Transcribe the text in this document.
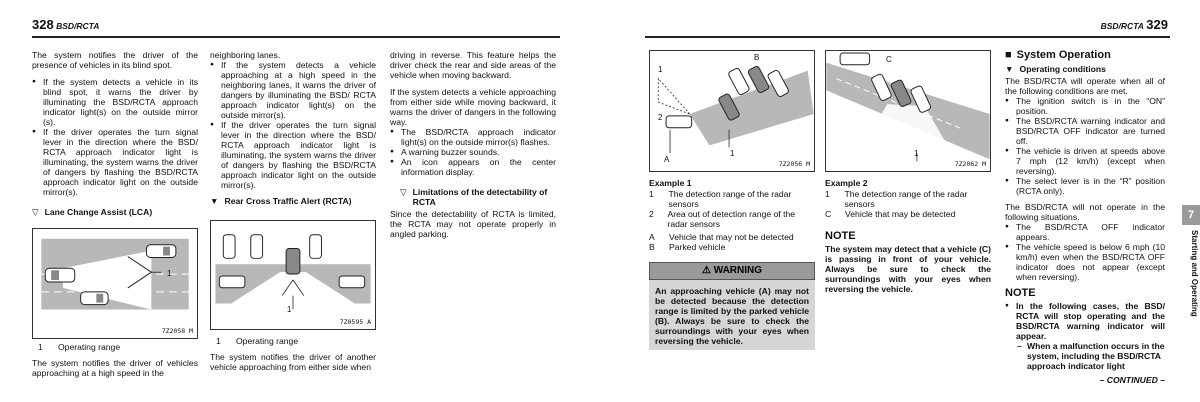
328 BSD/RCTA

The system notifies the driver of the presence of vehicles in its blind spot.

● If the system detects a vehicle in its blind spot, it warns the driver by illuminating the BSD/RCTA approach indicator light(s) on the outside mirror (s).
● If the driver operates the turn signal lever in the direction where the BSD/ RCTA approach indicator light is illuminating, the system warns the driver of dangers by flashing the BSD/RCTA approach indicator light on the outside mirror(s).
▽ Lane Change Assist (LCA)
1
7Z2058 M
1	Operating range

The system notifies the driver of vehicles approaching at a high speed in the

neighboring lanes.

● If the system detects a vehicle approaching at a high speed in the neighboring lanes, it warns the driver of dangers by illuminating the BSD/ RCTA approach indicator light(s) on the outside mirror(s).
● If the driver operates the turn signal lever in the direction where the BSD/ RCTA approach indicator light is illuminating, the system warns the driver of dangers by flashing the BSD/RCTA approach indicator light on the outside mirror(s).
▼ Rear Cross Traffic Alert (RCTA)
1
7Z0595 A
1	Operating range

The system notifies the driver of another vehicle approaching from either side when

driving in reverse. This feature helps the driver check the rear and side areas of the vehicle when moving backward.

If the system detects a vehicle approaching from either side while moving backward, it warns the driver of dangers in the following way.

● The BSD/RCTA approach indicator light(s) on the outside mirror(s) flashes.
● A warning buzzer sounds.
● An icon appears on the center information display.
▽ Limitations of the detectability of RCTA

Since the detectability of RCTA is limited, the RCTA may not operate properly in angled parking.

BSD/RCTA 329
B
1
2
A
1
7Z2056 M
Example 1
1	The detection range of the radar sensors
2 Area out of detection range of the radar sensors
A Vehicle that may not be detected
B Parked vehicle
⚠ WARNING
An approaching vehicle (A) may not be detected because the detection range is limited by the parked vehicle (B). Always be sure to check the surroundings with your eyes when reversing the vehicle.
C
1
7Z2062 M
Example 2
1	The detection range of the radar sensors
C Vehicle that may be detected
NOTE

The system may detect that a vehicle (C) is passing in front of your vehicle. Always be sure to check the surroundings with your eyes when reversing the vehicle.

■ System Operation
▼ Operating conditions

The BSD/RCTA will operate when all of the following conditions are met.

● The ignition switch is in the “ON” position.
● The BSD/RCTA warning indicator and BSD/RCTA OFF indicator are turned off.
● The vehicle is driven at speeds above 7 mph (12 km/h) (except when reversing).
● The select lever is in the “R” position (RCTA only).

The BSD/RCTA will not operate in the following situations.

● The BSD/RCTA OFF indicator appears.
● The vehicle speed is below 6 mph (10 km/h) even when the BSD/RCTA OFF indicator does not appear (except when reversing).
NOTE
● In the following cases, the BSD/ RCTA will stop operating and the BSD/RCTA warning indicator will appear.
– When a malfunction occurs in the system, including the BSD/RCTA approach indicator light
– CONTINUED –
7
Starting and Operating
